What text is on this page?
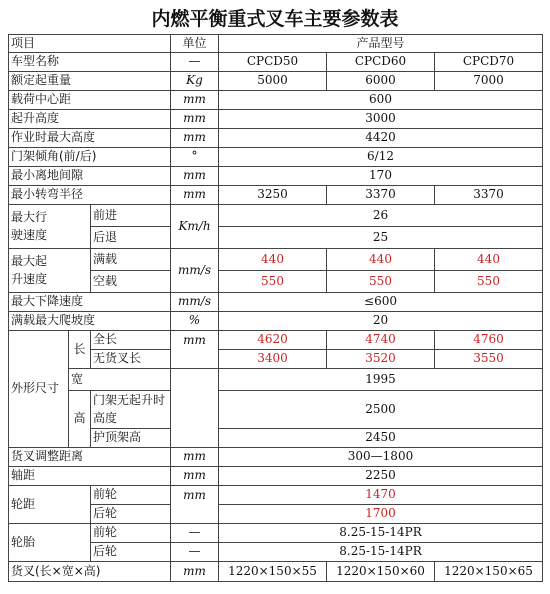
内燃平衡重式叉车主要参数表
项目			单位	产品型号		
车型名称			—	CPCD50	CPCD60	CPCD70
额定起重量			Kg	5000	6000	7000
载荷中心距			mm	600		
起升高度			mm	3000		
作业时最大高度			mm	4420		
门架倾角(前/后)			°	6/12		
最小离地间隙			mm	170		
最小转弯半径			mm	3250	3370	3370
最大行
驶速度		前进	Km/h	26		
		后退		25		
最大起
升速度		满载	mm/s	440	440	440
		空载		550	550	550
最大下降速度			mm/s	≤600		
满载最大爬坡度			%	20		
外形尺寸	长	全长	mm	4620	4740	4760
		无货叉长		3400	3520	3550
	宽			1995		
	高	门架无起升时高度		2500		
		护顶架高		2450		

货叉调整距离			mm	300—1800		
轴距			mm	2250		
轮距		前轮	mm	1470		
		后轮		1700		
轮胎		前轮	—	8.25-15-14PR		
		后轮	—	8.25-15-14PR		
货叉(长×宽×高)			mm	1220×150×55	1220×150×60	1220×150×65
